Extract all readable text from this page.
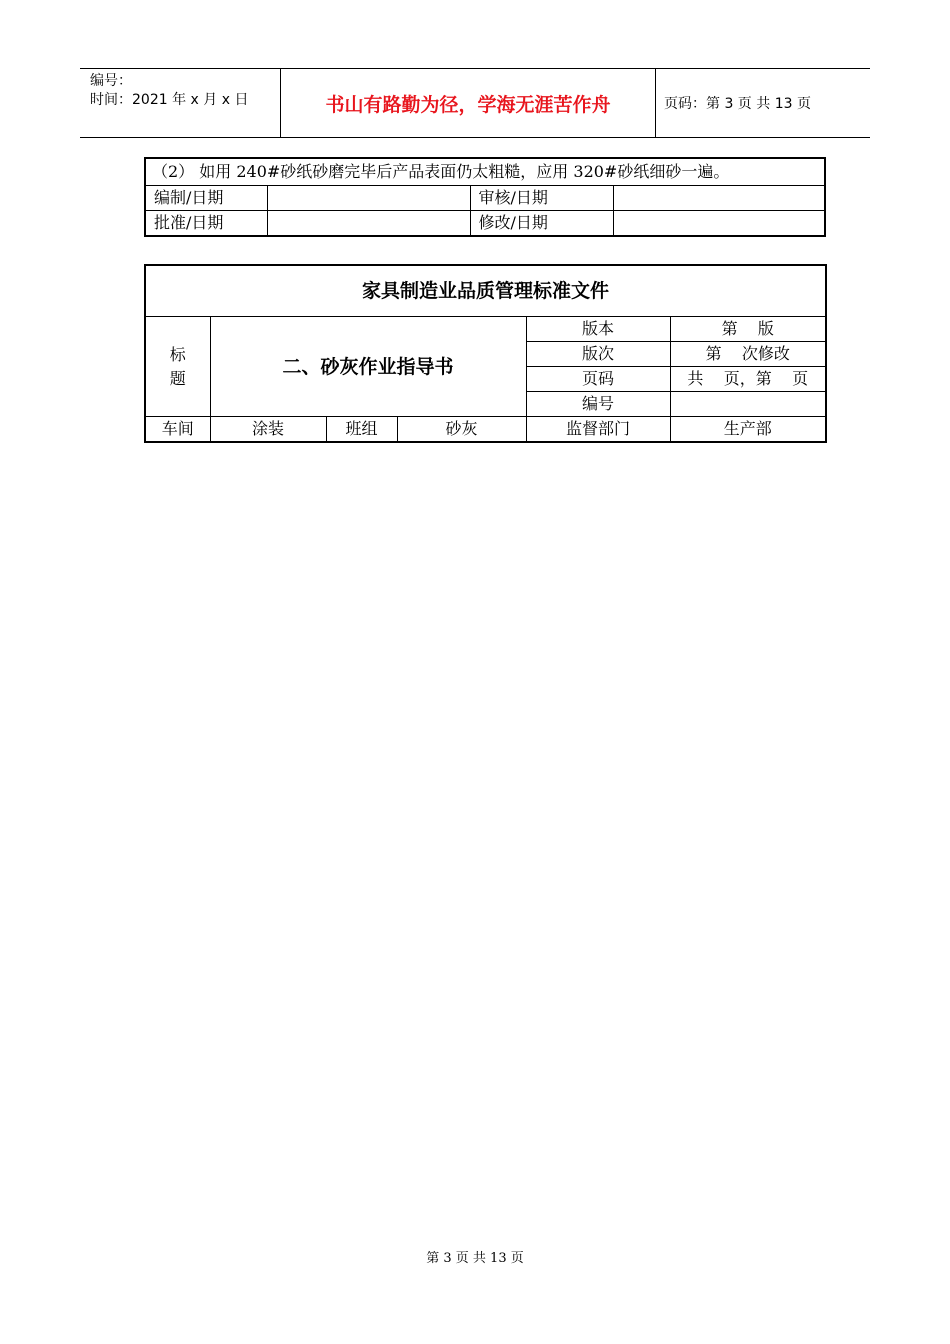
编号：
时间：2021 年 x 月 x 日	书山有路勤为径，学海无涯苦作舟	页码：第 3 页 共 13 页
（2） 如用 240#砂纸砂磨完毕后产品表面仍太粗糙，应用 320#砂纸细砂一遍。			
编制/日期		审核/日期	
批准/日期		修改/日期	
家具制造业品质管理标准文件					
标题	二、砂灰作业指导书			版本	第    版
				版次	第    次修改
				页码	共    页，第    页
				编号	
车间	涂装	班组	砂灰	监督部门	生产部
第 3 页 共 13 页
